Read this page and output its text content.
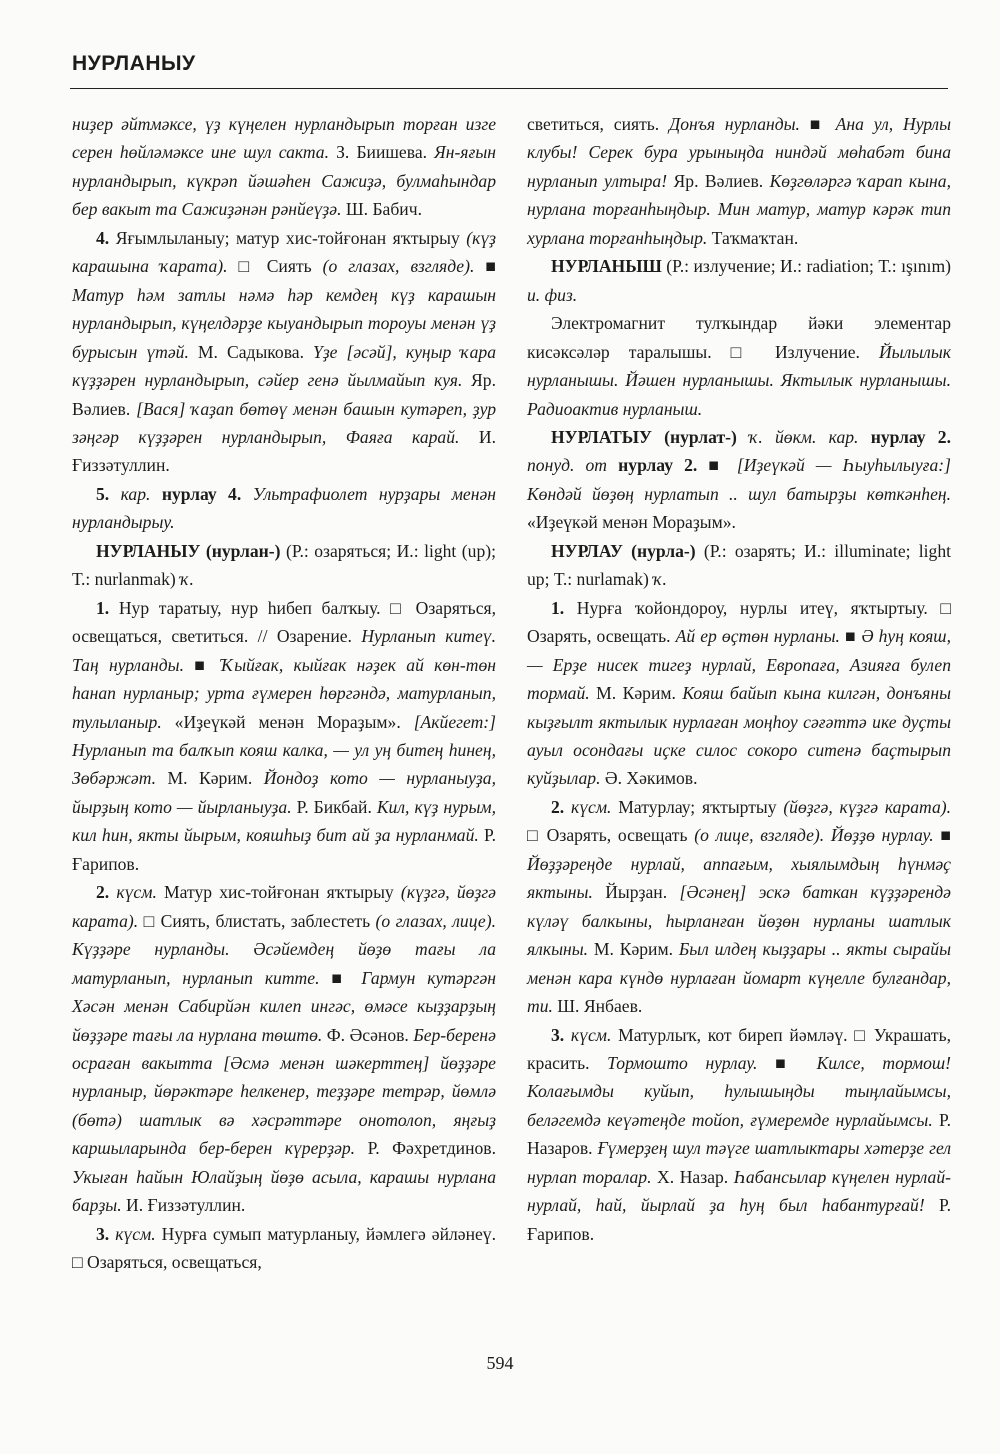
НУРЛАНЫУ

ниҙер әйтмәксе, үҙ күңелен нурландырып торған изге серен һөйләмәксе ине шул сакта. З. Биишева. Ян-яғын нурландырып, күкрәп йәшәһен Сажиҙә, булмаһындар бер вакыт та Сажиҙәнән рәнйеүҙә. Ш. Бабич.

4. Яғымлыланыу; матур хис-тойғонан яҡтырыу (күҙ карашына ҡарата). □ Сиять (о глазах, взгляде). ■ Матур һәм затлы нәмә һәр кемдең күҙ карашын нурландырып, күңелдәрҙе кыуандырып тороуы менән үҙ бурысын үтәй. М. Садыкова. Үҙе [әсәй], куңыр ҡара күҙҙәрен нурландырып, сәйер генә йылмайып куя. Яр. Вәлиев. [Вася] ҡаҙап бөтөү менән башын кутәреп, ҙур зәңгәр күҙҙәрен нурландырып, Фаяға карай. И. Ғиззәтуллин.

5. кар. нурлау 4. Ультрафиолет нурҙары менән нурландырыу.

НУРЛАНЫУ (нурлан-) (Р.: озаряться; И.: light (up); Т.: nurlanmak) ҡ.

1. Нур таратыу, нур һибеп балҡыу. □ Озаряться, освещаться, светиться. // Озарение. Нурланып китеү. Таң нурланды. ■ Ҡыйғак, кыйғак нәҙек ай көн-төн һанап нурланыр; урта ғүмерен һөргәндә, матурланып, тулыланыр. «Иҙеүкәй менән Мораҙым». [Акйегет:] Нурланып та балҡып кояш калка, — ул уң битең һинең, Зөбәржәт. М. Кәрим. Йондоҙ кото — нурланыуҙа, йырҙың кото — йырланыуҙа. Р. Бикбай. Кил, күҙ нурым, кил һин, якты йырым, кояшһыҙ бит ай ҙа нурланмай. Р. Ғарипов.

2. күсм. Матур хис-тойғонан яҡтырыу (күҙгә, йөҙгә карата). □ Сиять, блистать, заблестеть (о глазах, лице). Күҙҙәре нурланды. Әсәйемдең йөҙө тағы ла матурланып, нурланып китте. ■ Гармун кутәргән Хәсән менән Сабирйән килеп ингәс, өмәсе кыҙҙарҙың йөҙҙәре тағы ла нурлана төштө. Ф. Әсәнов. Бер-беренә осраған вакытта [Әсмә менән шәкерттең] йөҙҙәре нурланыр, йөрәктәре һелкенер, теҙҙәре тетрәр, йөмлә (бөтә) шатлык вә хәсрәттәре онотолоп, яңғыҙ каршыларында бер-берен күрерҙәр. Р. Фәхретдинов. Укыған һайын Юлайҙың йөҙө асыла, карашы нурлана барҙы. И. Ғиззәтуллин.

3. күсм. Нурға сумып матурланыу, йәмлегә әйләнеү. □ Озаряться, освещаться,

светиться, сиять. Донъя нурланды. ■ Ана ул, Нурлы клубы! Серек бура урыныңда ниндәй мөһабәт бина нурланып ултыра! Яр. Вәлиев. Көҙгөләргә ҡарап кына, нурлана торғанһыңдыр. Мин матур, матур кәрәк тип хурлана торғанһыңдыр. Таҡмаҡтан.

НУРЛАНЫШ (Р.: излучение; И.: radiation; Т.: ışınım) и. физ.

Электромагнит тулҡындар йәки элементар кисәксәләр таралышы. □ Излучение. Йылылык нурланышы. Йәшен нурланышы. Яктылык нурланышы. Радиоактив нурланыш.

НУРЛАТЫУ (нурлат-) ҡ. йөкм. кар. нурлау 2. понуд. от нурлау 2. ■ [Иҙеүкәй — Һыуһылыуға:] Көндәй йөҙөң нурлатып .. шул батырҙы көткәнһең. «Иҙеүкәй менән Мораҙым».

НУРЛАУ (нурла-) (Р.: озарять; И.: illuminate; light up; Т.: nurlamak) ҡ.

1. Нурға ҡойондороу, нурлы итеү, яҡтыртыу. □ Озарять, освещать. Ай ер өҫтөн нурланы. ■ Ә һуң кояш, — Ерҙе нисек тигеҙ нурлай, Европаға, Азияға булеп тормай. М. Кәрим. Кояш байып кына килгән, донъяны кыҙғылт яктылык нурлаған моңһоу сәғәттә ике дуҫты ауыл осондағы иҫке силос сокоро ситенә баҫтырып куйҙылар. Ә. Хәкимов.

2. күсм. Матурлау; яҡтыртыу (йөҙгә, күҙгә карата). □ Озарять, освещать (о лице, взгляде). Йөҙҙө нурлау. ■ Йөҙҙәреңде нурлай, аппағым, хыялымдың һүнмәҫ яктыны. Йырҙан. [Әсәнең] эскә баткан күҙҙәрендә күләү балкыны, һырланған йөҙөн нурланы шатлык ялкыны. М. Кәрим. Был илдең кыҙҙары .. якты сырайы менән кара күндө нурлаған йомарт күңелле булғандар, ти. Ш. Янбаев.

3. күсм. Матурлыҡ, кот биреп йәмләү. □ Украшать, красить. Тормошто нурлау. ■ Килсе, тормош! Колағымды куйып, һулышыңды тыңлайымсы, беләгемдә кеүәтеңде тойоп, ғүмеремде нурлайымсы. Р. Назаров. Ғүмерҙең шул тәүге шатлыктары хәтерҙе гел нурлап торалар. Х. Назар. Һабансылар күңелен нурлай-нурлай, һай, йырлай ҙа һуң был һабантурғай! Р. Ғарипов.

594
